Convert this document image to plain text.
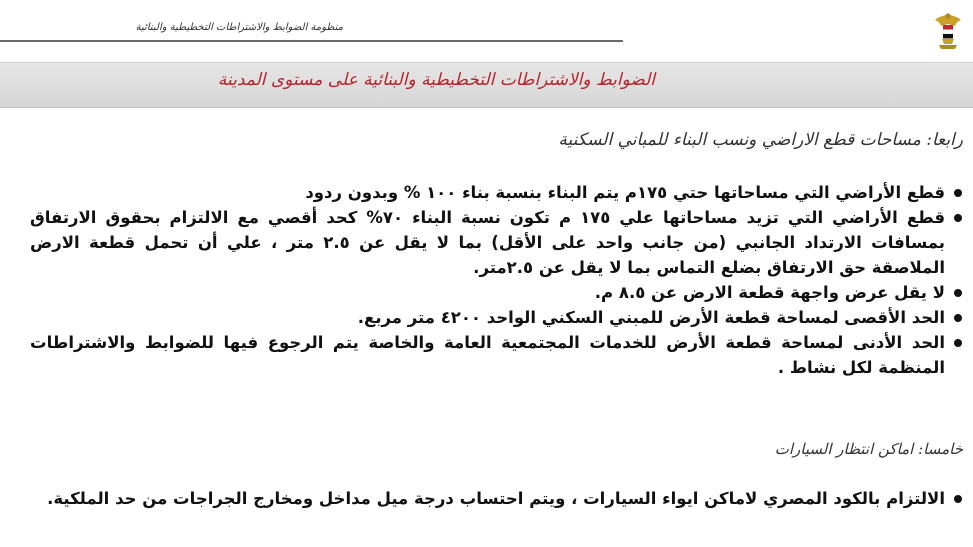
منظومة الضوابط والاشتراطات التخطيطية والبنائية
الضوابط والاشتراطات التخطيطية والبنائية على مستوى المدينة
رابعا: مساحات قطع الاراضي ونسب البناء للمباني السكنية
قطع الأراضي التي مساحاتها حتي ١٧٥م يتم البناء بنسبة بناء ١٠٠ % وبدون ردود
قطع الأراضي التي تزيد مساحاتها علي ١٧٥ م تكون نسبة البناء ٧٠% كحد أقصي مع الالتزام بحقوق الارتفاق بمسافات الارتداد الجانبي (من جانب واحد على الأقل) بما لا يقل عن ٢.٥ متر ، علي أن تحمل قطعة الارض الملاصقة حق الارتفاق بضلع التماس بما لا يقل عن ٢.٥متر.
لا يقل عرض واجهة قطعة الارض عن ٨.٥ م.
الحد الأقصى لمساحة قطعة الأرض للمبني السكني الواحد ٤٢٠٠ متر مربع.
الحد الأدنى لمساحة قطعة الأرض للخدمات المجتمعية العامة والخاصة يتم الرجوع فيها للضوابط والاشتراطات المنظمة لكل نشاط .
خامسا: اماكن انتظار السيارات
الالتزام بالكود المصري لاماكن ايواء السيارات ، ويتم احتساب درجة ميل مداخل ومخارج الجراجات من حد الملكية.
